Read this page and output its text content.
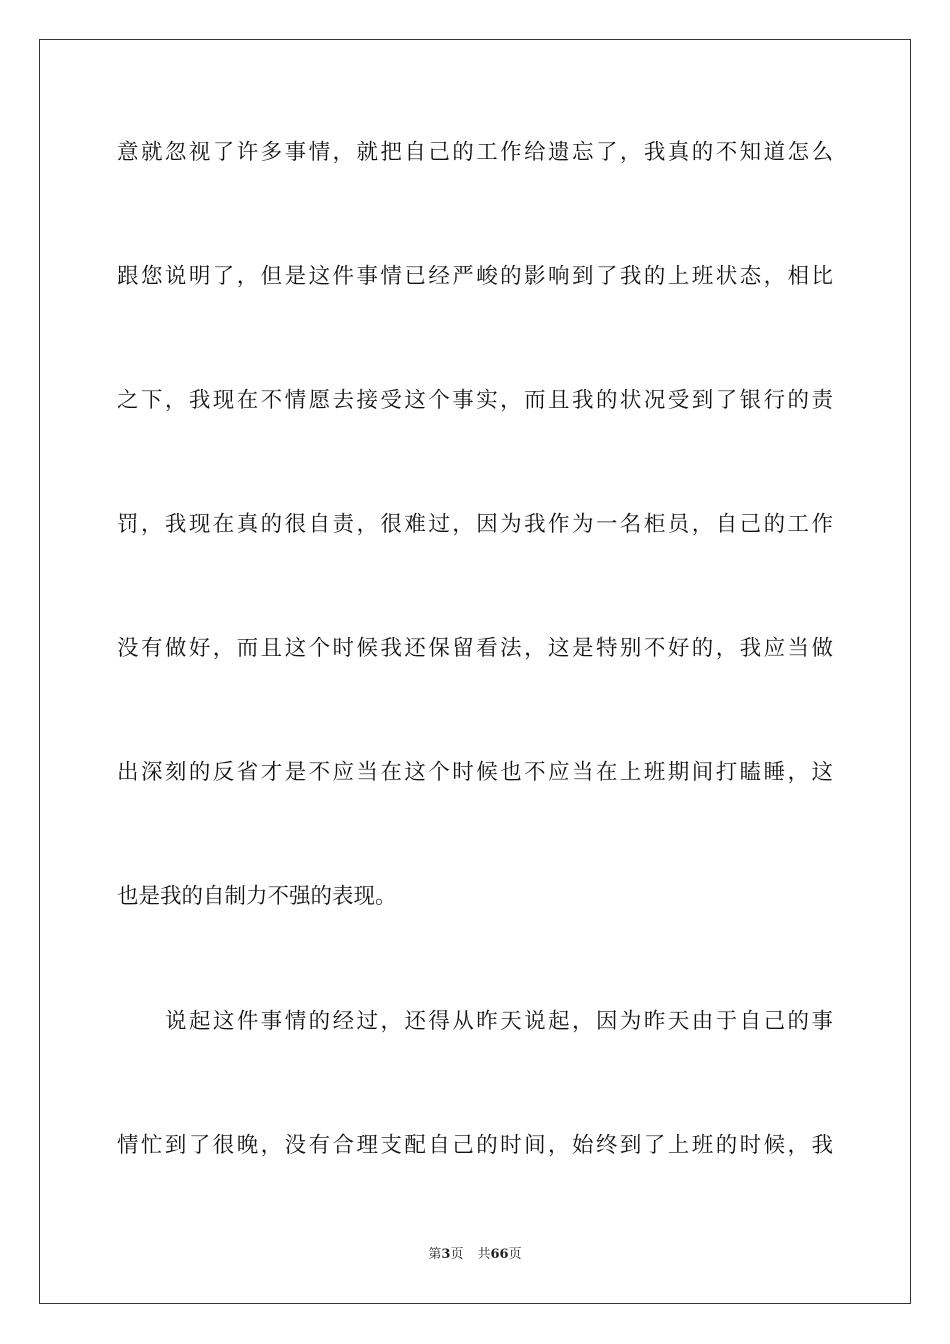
意就忽视了许多事情，就把自己的工作给遗忘了，我真的不知道怎么
跟您说明了，但是这件事情已经严峻的影响到了我的上班状态，相比
之下，我现在不情愿去接受这个事实，而且我的状况受到了银行的责
罚，我现在真的很自责，很难过，因为我作为一名柜员，自己的工作
没有做好，而且这个时候我还保留看法，这是特别不好的，我应当做
出深刻的反省才是不应当在这个时候也不应当在上班期间打瞌睡，这
也是我的自制力不强的表现。
说起这件事情的经过，还得从昨天说起，因为昨天由于自己的事
情忙到了很晚，没有合理支配自己的时间，始终到了上班的时候，我
第3页 共66页
